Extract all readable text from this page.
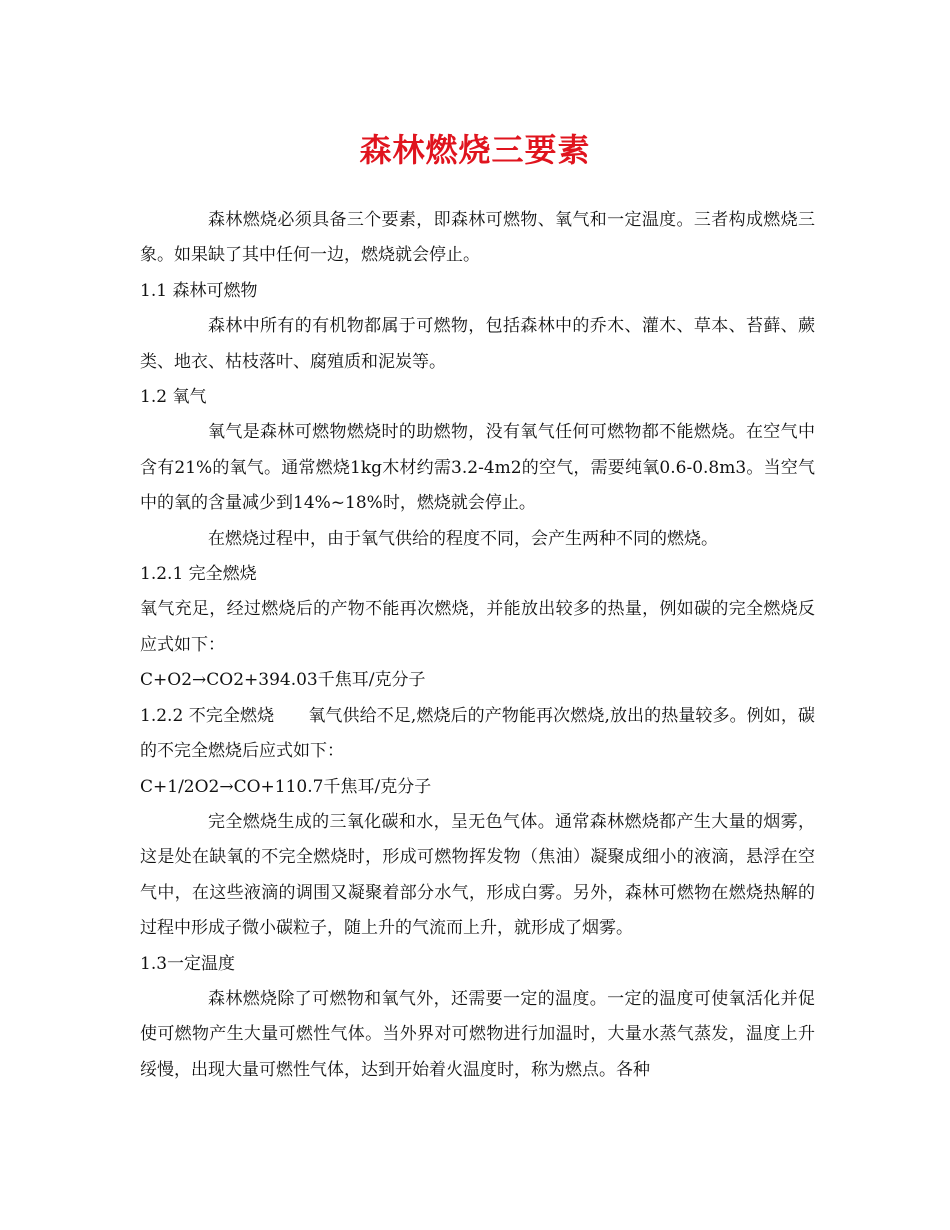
森林燃烧三要素

森林燃烧必须具备三个要素，即森林可燃物、氧气和一定温度。三者构成燃烧三象。如果缺了其中任何一边，燃烧就会停止。

1.1 森林可燃物

森林中所有的有机物都属于可燃物，包括森林中的乔木、灌木、草本、苔藓、蕨类、地衣、枯枝落叶、腐殖质和泥炭等。

1.2 氧气

氧气是森林可燃物燃烧时的助燃物，没有氧气任何可燃物都不能燃烧。在空气中含有21%的氧气。通常燃烧1kg木材约需3.2-4m2的空气，需要纯氧0.6-0.8m3。当空气中的氧的含量减少到14%~18%时，燃烧就会停止。

在燃烧过程中，由于氧气供给的程度不同，会产生两种不同的燃烧。

1.2.1 完全燃烧

氧气充足，经过燃烧后的产物不能再次燃烧，并能放出较多的热量，例如碳的完全燃烧反应式如下：

C+O2→CO2+394.03千焦耳/克分子

1.2.2 不完全燃烧 氧气供给不足,燃烧后的产物能再次燃烧,放出的热量较多。例如，碳的不完全燃烧后应式如下：

C+1/2O2→CO+110.7千焦耳/克分子

完全燃烧生成的三氧化碳和水，呈无色气体。通常森林燃烧都产生大量的烟雾，这是处在缺氧的不完全燃烧时，形成可燃物挥发物（焦油）凝聚成细小的液滴，悬浮在空气中，在这些液滴的调围又凝聚着部分水气，形成白雾。另外，森林可燃物在燃烧热解的过程中形成子微小碳粒子，随上升的气流而上升，就形成了烟雾。

1.3一定温度

森林燃烧除了可燃物和氧气外，还需要一定的温度。一定的温度可使氧活化并促使可燃物产生大量可燃性气体。当外界对可燃物进行加温时，大量水蒸气蒸发，温度上升绥慢，出现大量可燃性气体，达到开始着火温度时，称为燃点。各种
